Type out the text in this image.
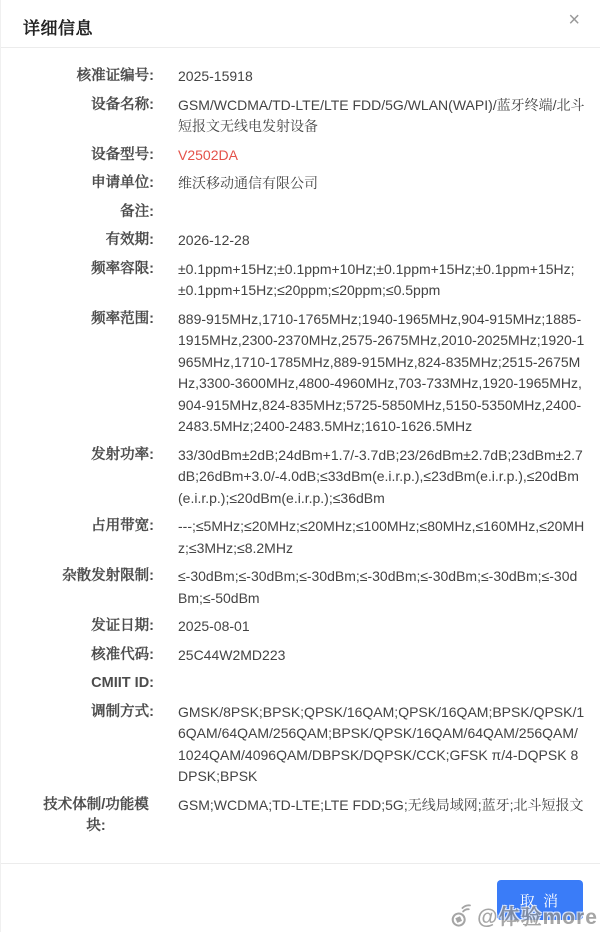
详细信息	×
核准证编号: 2025-15918
设备名称: GSM/WCDMA/TD-LTE/LTE FDD/5G/WLAN(WAPI)/蓝牙终端/北斗短报文无线电发射设备
设备型号: V2502DA
申请单位: 维沃移动通信有限公司
备注:
有效期: 2026-12-28
频率容限: ±0.1ppm+15Hz;±0.1ppm+10Hz;±0.1ppm+15Hz;±0.1ppm+15Hz;±0.1ppm+15Hz;≤20ppm;≤20ppm;≤0.5ppm
频率范围: 889-915MHz,1710-1765MHz;1940-1965MHz,904-915MHz;1885-1915MHz,2300-2370MHz,2575-2675MHz,2010-2025MHz;1920-1965MHz,1710-1785MHz,889-915MHz,824-835MHz;2515-2675MHz,3300-3600MHz,4800-4960MHz,703-733MHz,1920-1965MHz,904-915MHz,824-835MHz;5725-5850MHz,5150-5350MHz,2400-2483.5MHz;2400-2483.5MHz;1610-1626.5MHz
发射功率: 33/30dBm±2dB;24dBm+1.7/-3.7dB;23/26dBm±2.7dB;23dBm±2.7dB;26dBm+3.0/-4.0dB;≤33dBm(e.i.r.p.),≤23dBm(e.i.r.p.),≤20dBm(e.i.r.p.);≤20dBm(e.i.r.p.);≤36dBm
占用带宽: ---;≤5MHz;≤20MHz;≤20MHz;≤100MHz;≤80MHz,≤160MHz,≤20MHz;≤3MHz;≤8.2MHz
杂散发射限制: ≤-30dBm;≤-30dBm;≤-30dBm;≤-30dBm;≤-30dBm;≤-30dBm;≤-30dBm;≤-50dBm
发证日期: 2025-08-01
核准代码: 25C44W2MD223
CMIIT ID:
调制方式: GMSK/8PSK;BPSK;QPSK/16QAM;QPSK/16QAM;BPSK/QPSK/16QAM/64QAM/256QAM;BPSK/QPSK/16QAM/64QAM/256QAM/1024QAM/4096QAM/DBPSK/DQPSK/CCK;GFSK π/4-DQPSK 8DPSK;BPSK
技术体制/功能模块:
GSM;WCDMA;TD-LTE;LTE FDD;5G;无线局域网;蓝牙;北斗短报文
取 消
@体验more
